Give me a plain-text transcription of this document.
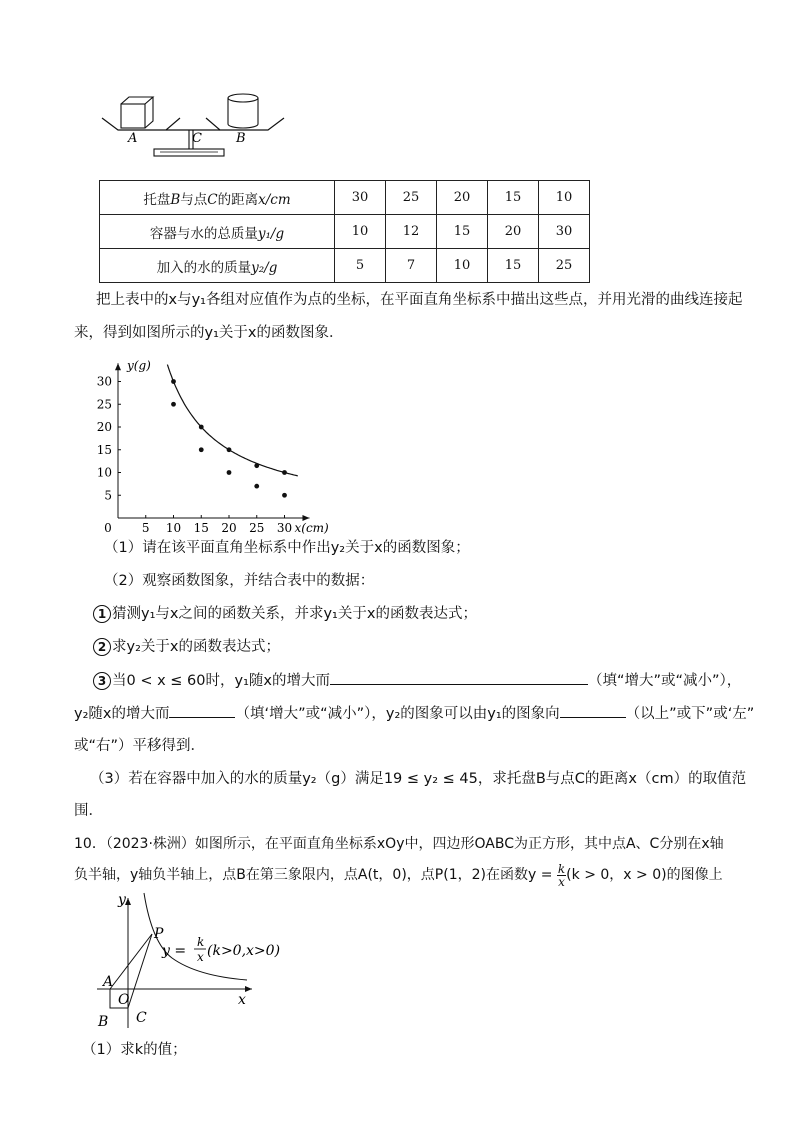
A	C	B
托盘B与点C的距离x/cm	30	25	20	15	10
容器与水的总质量y₁/g	10	12	15	20	30
加入的水的质量y₂/g	5	7	10	15	25
把上表中的x与y₁各组对应值作为点的坐标，在平面直角坐标系中描出这些点，并用光滑的曲线连接起
来，得到如图所示的y₁关于x的函数图象．
5 10 15 20 25 30
5
10
15
20
25
30
0
y(g)
x(cm)
（1）请在该平面直角坐标系中作出y₂关于x的函数图象；
（2）观察函数图象，并结合表中的数据：
1 猜测y₁与x之间的函数关系，并求y₁关于x的函数表达式；
2 求y₂关于x的函数表达式；
3 当0 < x ≤ 60时，y₁随x的增大而	（填“增大”或“减小”），
y₂随x的增大而	（填‘增大”或“减小”），y₂的图象可以由y₁的图象向	（以上”或下”或‘左”
或“右”）平移得到．
（3）若在容器中加入的水的质量y₂（g）满足19 ≤ y₂ ≤ 45，求托盘B与点C的距离x（cm）的取值范
围．
10．（2023·株洲）如图所示，在平面直角坐标系xOy中，四边形OABC为正方形，其中点A、C分别在x轴
负半轴，y轴负半轴上，点B在第三象限内，点A(t，0)，点P(1，2)在函数$y = \frac{k}{x} (k > 0$，x > 0)的图像上
y
x
P
A
O
B C
y =
k
x (k>0,x>0)
（1）求k的值；
